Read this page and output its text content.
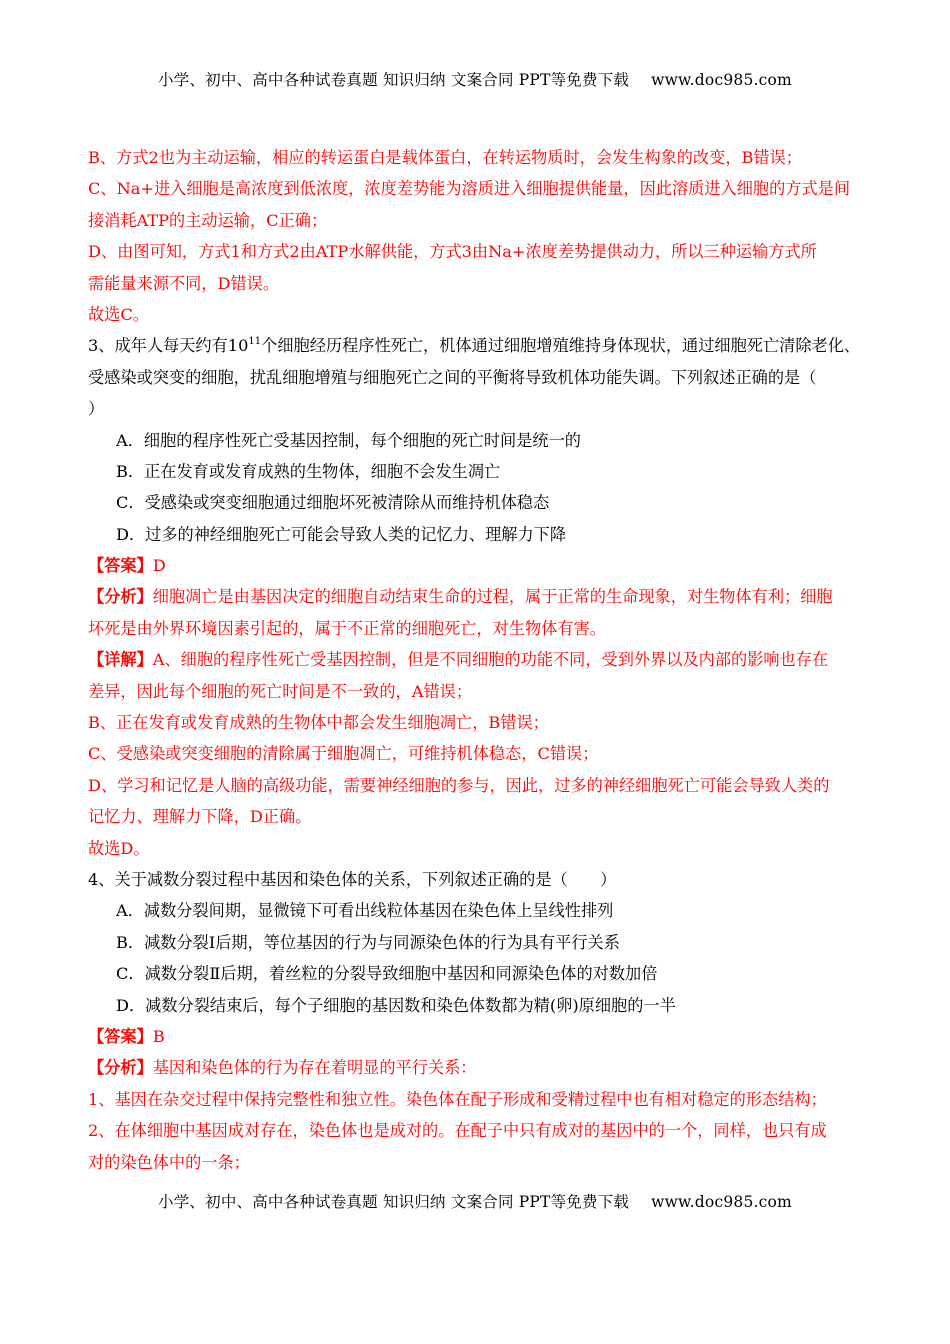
小学、初中、高中各种试卷真题 知识归纳 文案合同 PPT等免费下载 www.doc985.com
B、方式2也为主动运输，相应的转运蛋白是载体蛋白，在转运物质时，会发生构象的改变，B错误；
C、Na+进入细胞是高浓度到低浓度，浓度差势能为溶质进入细胞提供能量，因此溶质进入细胞的方式是间
接消耗ATP的主动运输，C正确；
D、由图可知，方式1和方式2由ATP水解供能，方式3由Na+浓度差势提供动力，所以三种运输方式所
需能量来源不同，D错误。
故选C。
3、成年人每天约有$10^{11}$个细胞经历程序性死亡，机体通过细胞增殖维持身体现状，通过细胞死亡清除老化、
受感染或突变的细胞，扰乱细胞增殖与细胞死亡之间的平衡将导致机体功能失调。下列叙述正确的是（
）
A．细胞的程序性死亡受基因控制，每个细胞的死亡时间是统一的
B．正在发育或发育成熟的生物体，细胞不会发生凋亡
C．受感染或突变细胞通过细胞坏死被清除从而维持机体稳态
D．过多的神经细胞死亡可能会导致人类的记忆力、理解力下降
【答案】D
【分析】细胞凋亡是由基因决定的细胞自动结束生命的过程，属于正常的生命现象，对生物体有利；细胞
坏死是由外界环境因素引起的，属于不正常的细胞死亡，对生物体有害。
【详解】A、细胞的程序性死亡受基因控制，但是不同细胞的功能不同，受到外界以及内部的影响也存在
差异，因此每个细胞的死亡时间是不一致的，A错误；
B、正在发育或发育成熟的生物体中都会发生细胞凋亡，B错误；
C、受感染或突变细胞的清除属于细胞凋亡，可维持机体稳态，C错误；
D、学习和记忆是人脑的高级功能，需要神经细胞的参与，因此，过多的神经细胞死亡可能会导致人类的
记忆力、理解力下降，D正确。
故选D。
4、关于减数分裂过程中基因和染色体的关系，下列叙述正确的是（　　）
A．减数分裂间期，显微镜下可看出线粒体基因在染色体上呈线性排列
B．减数分裂Ⅰ后期，等位基因的行为与同源染色体的行为具有平行关系
C．减数分裂Ⅱ后期，着丝粒的分裂导致细胞中基因和同源染色体的对数加倍
D．减数分裂结束后，每个子细胞的基因数和染色体数都为精(卵)原细胞的一半
【答案】B
【分析】基因和染色体的行为存在着明显的平行关系：
1、基因在杂交过程中保持完整性和独立性。染色体在配子形成和受精过程中也有相对稳定的形态结构；
2、在体细胞中基因成对存在，染色体也是成对的。在配子中只有成对的基因中的一个，同样，也只有成
对的染色体中的一条；
小学、初中、高中各种试卷真题 知识归纳 文案合同 PPT等免费下载 www.doc985.com
